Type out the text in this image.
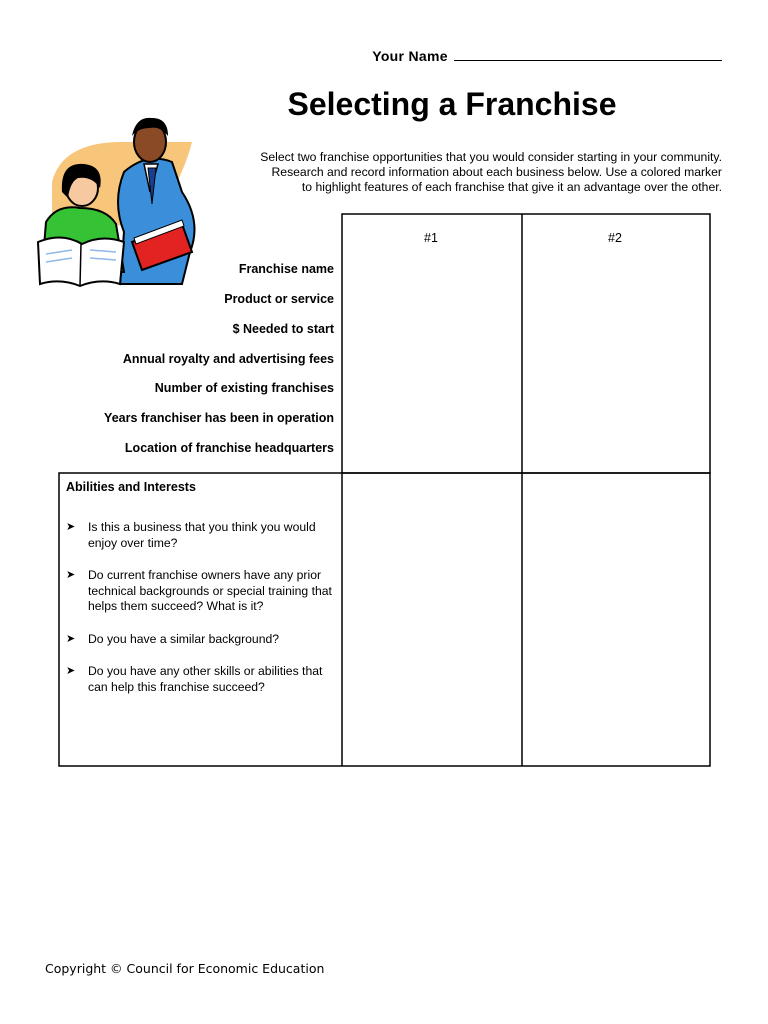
Your Name
Selecting a Franchise
Select two franchise opportunities that you would consider starting in your community.
Research and record information about each business below. Use a colored marker
to highlight features of each franchise that give it an advantage over the other.
#1	#2
Franchise name
Product or service
$ Needed to start
Annual royalty and advertising fees
Number of existing franchises
Years franchiser has been in operation
Location of franchise headquarters
Abilities and Interests
➤ Is this a business that you think you would enjoy over time?
➤ Do current franchise owners have any prior technical backgrounds or special training that helps them succeed? What is it?
➤ Do you have a similar background?
➤ Do you have any other skills or abilities that can help this franchise succeed?
Copyright © Council for Economic Education
